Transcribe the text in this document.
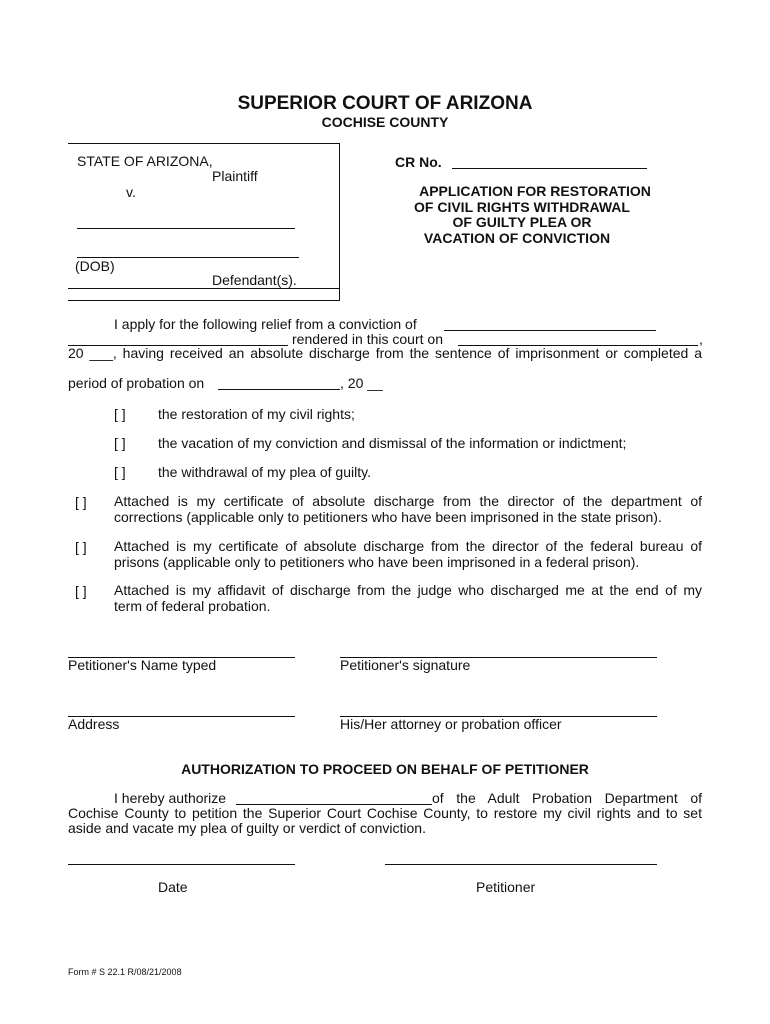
SUPERIOR COURT OF ARIZONA
COCHISE COUNTY
STATE OF ARIZONA,
Plaintiff
v.
(DOB)
Defendant(s).
CR No.
APPLICATION FOR RESTORATION
OF CIVIL RIGHTS WITHDRAWAL
OF GUILTY PLEA OR
VACATION OF CONVICTION
I apply for the following relief from a conviction of
rendered in this court on	,
20 ___, having received an absolute discharge from the sentence of imprisonment or completed a
period of probation on	, 20 __
[ ] the restoration of my civil rights;
[ ] the vacation of my conviction and dismissal of the information or indictment;
[ ] the withdrawal of my plea of guilty.
[ ] Attached is my certificate of absolute discharge from the director of the department of
corrections (applicable only to petitioners who have been imprisoned in the state prison).
[ ] Attached is my certificate of absolute discharge from the director of the federal bureau of
prisons (applicable only to petitioners who have been imprisoned in a federal prison).
[ ] Attached is my affidavit of discharge from the judge who discharged me at the end of my
term of federal probation.
Petitioner's Name typed	Petitioner's signature
Address	His/Her attorney or probation officer
AUTHORIZATION TO PROCEED ON BEHALF OF PETITIONER
I hereby authorize	of the Adult Probation Department of
Cochise County to petition the Superior Court Cochise County, to restore my civil rights and to set
aside and vacate my plea of guilty or verdict of conviction.
Date	Petitioner
Form # S 22.1 R/08/21/2008
